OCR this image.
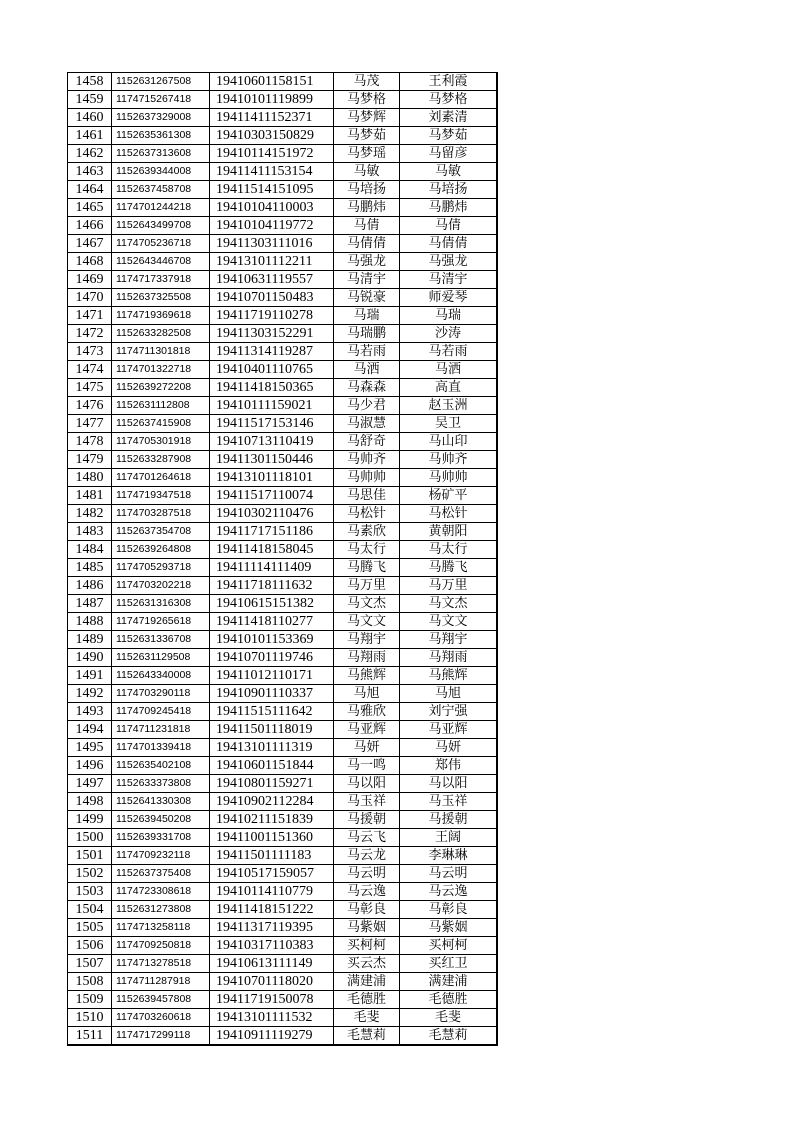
1458	1152631267508	19410601158151	马茂	王利霞
1459	1174715267418	19410101119899	马梦格	马梦格
1460	1152637329008	19411411152371	马梦辉	刘素清
1461	1152635361308	19410303150829	马梦茹	马梦茹
1462	1152637313608	19410114151972	马梦瑶	马留彦
1463	1152639344008	19411411153154	马敏	马敏
1464	1152637458708	19411514151095	马培扬	马培扬
1465	1174701244218	19410104110003	马鹏炜	马鹏炜
1466	1152643499708	19410104119772	马倩	马倩
1467	1174705236718	19411303111016	马倩倩	马倩倩
1468	1152643446708	19413101112211	马强龙	马强龙
1469	1174717337918	19410631119557	马清宇	马清宇
1470	1152637325508	19410701150483	马锐豪	师爱琴
1471	1174719369618	19411719110278	马瑞	马瑞
1472	1152633282508	19411303152291	马瑞鹏	沙涛
1473	1174711301818	19411314119287	马若雨	马若雨
1474	1174701322718	19410401110765	马洒	马洒
1475	1152639272208	19411418150365	马森森	高直
1476	1152631112808	19410111159021	马少君	赵玉洲
1477	1152637415908	19411517153146	马淑慧	吴卫
1478	1174705301918	19410713110419	马舒奇	马山印
1479	1152633287908	19411301150446	马帅齐	马帅齐
1480	1174701264618	19413101118101	马帅帅	马帅帅
1481	1174719347518	19411517110074	马思佳	杨矿平
1482	1174703287518	19410302110476	马松针	马松针
1483	1152637354708	19411717151186	马素欣	黄朝阳
1484	1152639264808	19411418158045	马太行	马太行
1485	1174705293718	19411114111409	马腾飞	马腾飞
1486	1174703202218	19411718111632	马万里	马万里
1487	1152631316308	19410615151382	马文杰	马文杰
1488	1174719265618	19411418110277	马文文	马文文
1489	1152631336708	19410101153369	马翔宇	马翔宇
1490	1152631129508	19410701119746	马翔雨	马翔雨
1491	1152643340008	19411012110171	马熊辉	马熊辉
1492	1174703290118	19410901110337	马旭	马旭
1493	1174709245418	19411515111642	马雅欣	刘宁强
1494	1174711231818	19411501118019	马亚辉	马亚辉
1495	1174701339418	19413101111319	马妍	马妍
1496	1152635402108	19410601151844	马一鸣	郑伟
1497	1152633373808	19410801159271	马以阳	马以阳
1498	1152641330308	19410902112284	马玉祥	马玉祥
1499	1152639450208	19410211151839	马援朝	马援朝
1500	1152639331708	19411001151360	马云飞	王阔
1501	1174709232118	19411501111183	马云龙	李琳琳
1502	1152637375408	19410517159057	马云明	马云明
1503	1174723308618	19410114110779	马云逸	马云逸
1504	1152631273808	19411418151222	马彰良	马彰良
1505	1174713258118	19411317119395	马紫姻	马紫姻
1506	1174709250818	19410317110383	买柯柯	买柯柯
1507	1174713278518	19410613111149	买云杰	买红卫
1508	1174711287918	19410701118020	满建浦	满建浦
1509	1152639457808	19411719150078	毛德胜	毛德胜
1510	1174703260618	19413101111532	毛斐	毛斐
1511	1174717299118	19410911119279	毛慧莉	毛慧莉
